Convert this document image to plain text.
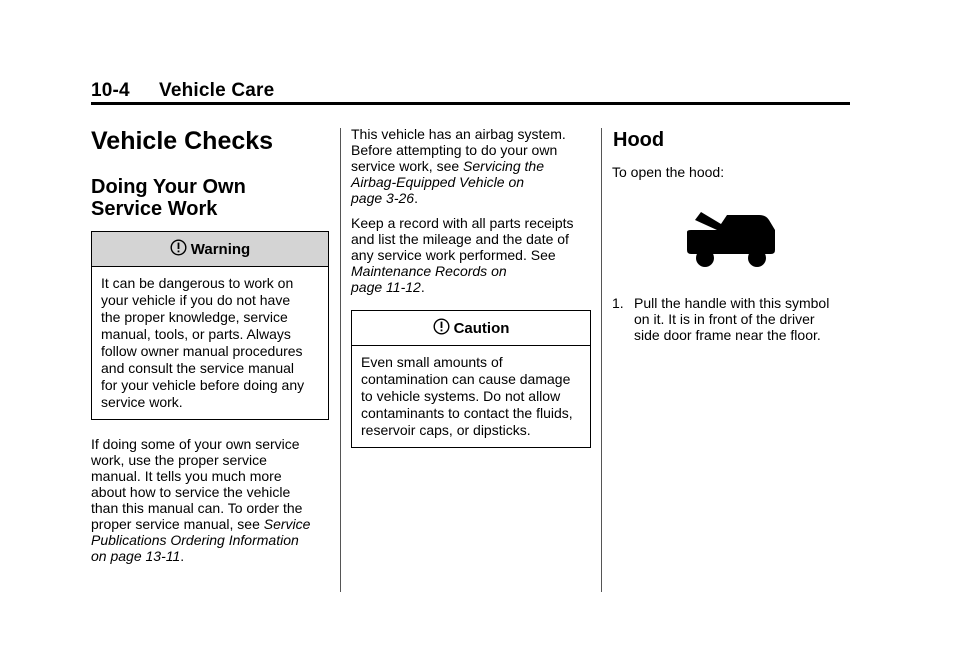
10-4 Vehicle Care
Vehicle Checks
Doing Your Own
Service Work
Warning
It can be dangerous to work on
your vehicle if you do not have
the proper knowledge, service
manual, tools, or parts. Always
follow owner manual procedures
and consult the service manual
for your vehicle before doing any
service work.

If doing some of your own service
work, use the proper service
manual. It tells you much more
about how to service the vehicle
than this manual can. To order the
proper service manual, see Service
Publications Ordering Information
on page 13-11.

This vehicle has an airbag system.
Before attempting to do your own
service work, see Servicing the
Airbag-Equipped Vehicle on
page 3-26.

Keep a record with all parts receipts
and list the mileage and the date of
any service work performed. See
Maintenance Records on
page 11-12.

Caution
Even small amounts of
contamination can cause damage
to vehicle systems. Do not allow
contaminants to contact the fluids,
reservoir caps, or dipsticks.
Hood

To open the hood:

1. Pull the handle with this symbol
on it. It is in front of the driver
side door frame near the floor.
